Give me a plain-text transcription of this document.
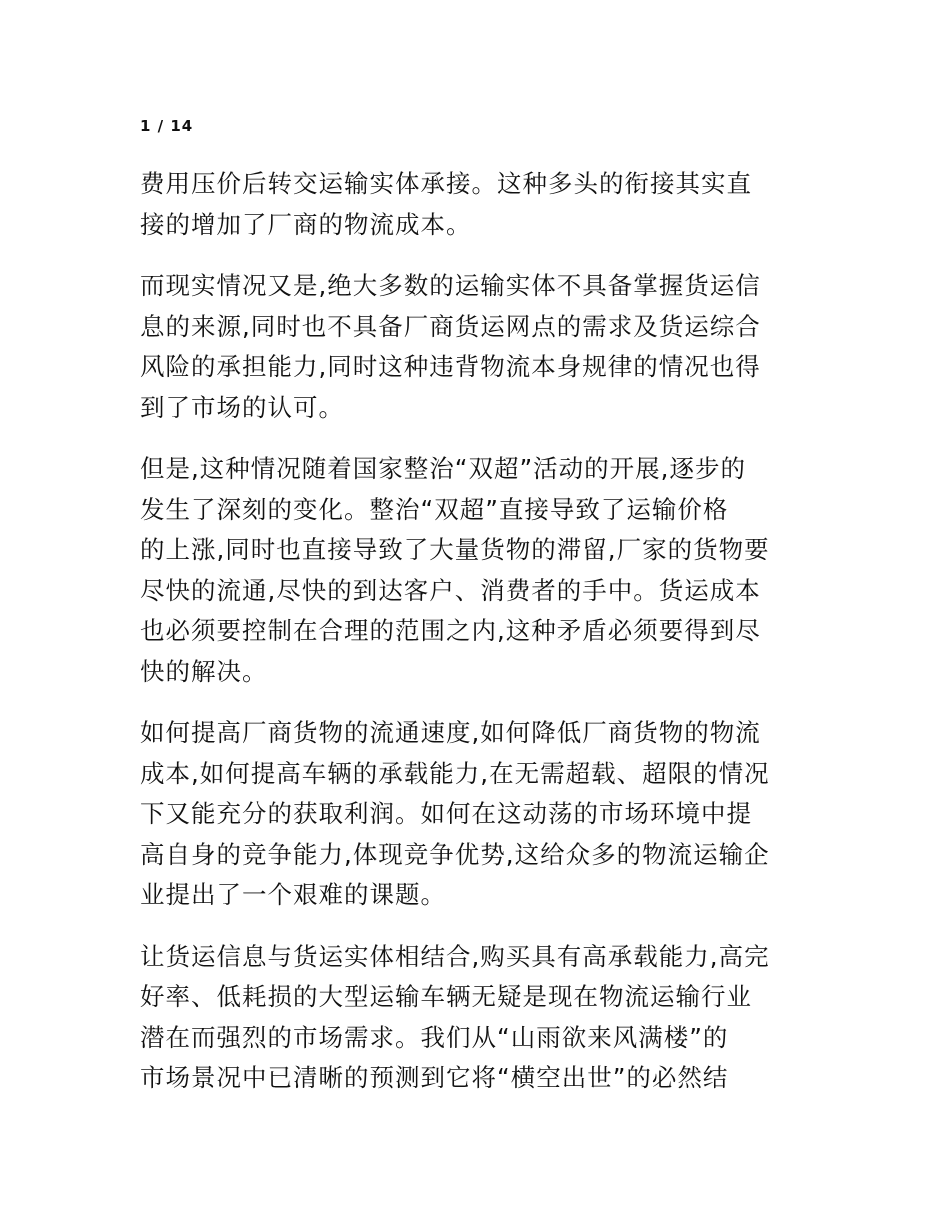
1 / 14
费用压价后转交运输实体承接。这种多头的衔接其实直
接的增加了厂商的物流成本。
而现实情况又是,绝大多数的运输实体不具备掌握货运信
息的来源,同时也不具备厂商货运网点的需求及货运综合
风险的承担能力,同时这种违背物流本身规律的情况也得
到了市场的认可。
但是,这种情况随着国家整治“双超”活动的开展,逐步的
发生了深刻的变化。整治“双超”直接导致了运输价格
的上涨,同时也直接导致了大量货物的滞留,厂家的货物要
尽快的流通,尽快的到达客户、消费者的手中。货运成本
也必须要控制在合理的范围之内,这种矛盾必须要得到尽
快的解决。
如何提高厂商货物的流通速度,如何降低厂商货物的物流
成本,如何提高车辆的承载能力,在无需超载、超限的情况
下又能充分的获取利润。如何在这动荡的市场环境中提
高自身的竞争能力,体现竞争优势,这给众多的物流运输企
业提出了一个艰难的课题。
让货运信息与货运实体相结合,购买具有高承载能力,高完
好率、低耗损的大型运输车辆无疑是现在物流运输行业
潜在而强烈的市场需求。我们从“山雨欲来风满楼”的
市场景况中已清晰的预测到它将“横空出世”的必然结
